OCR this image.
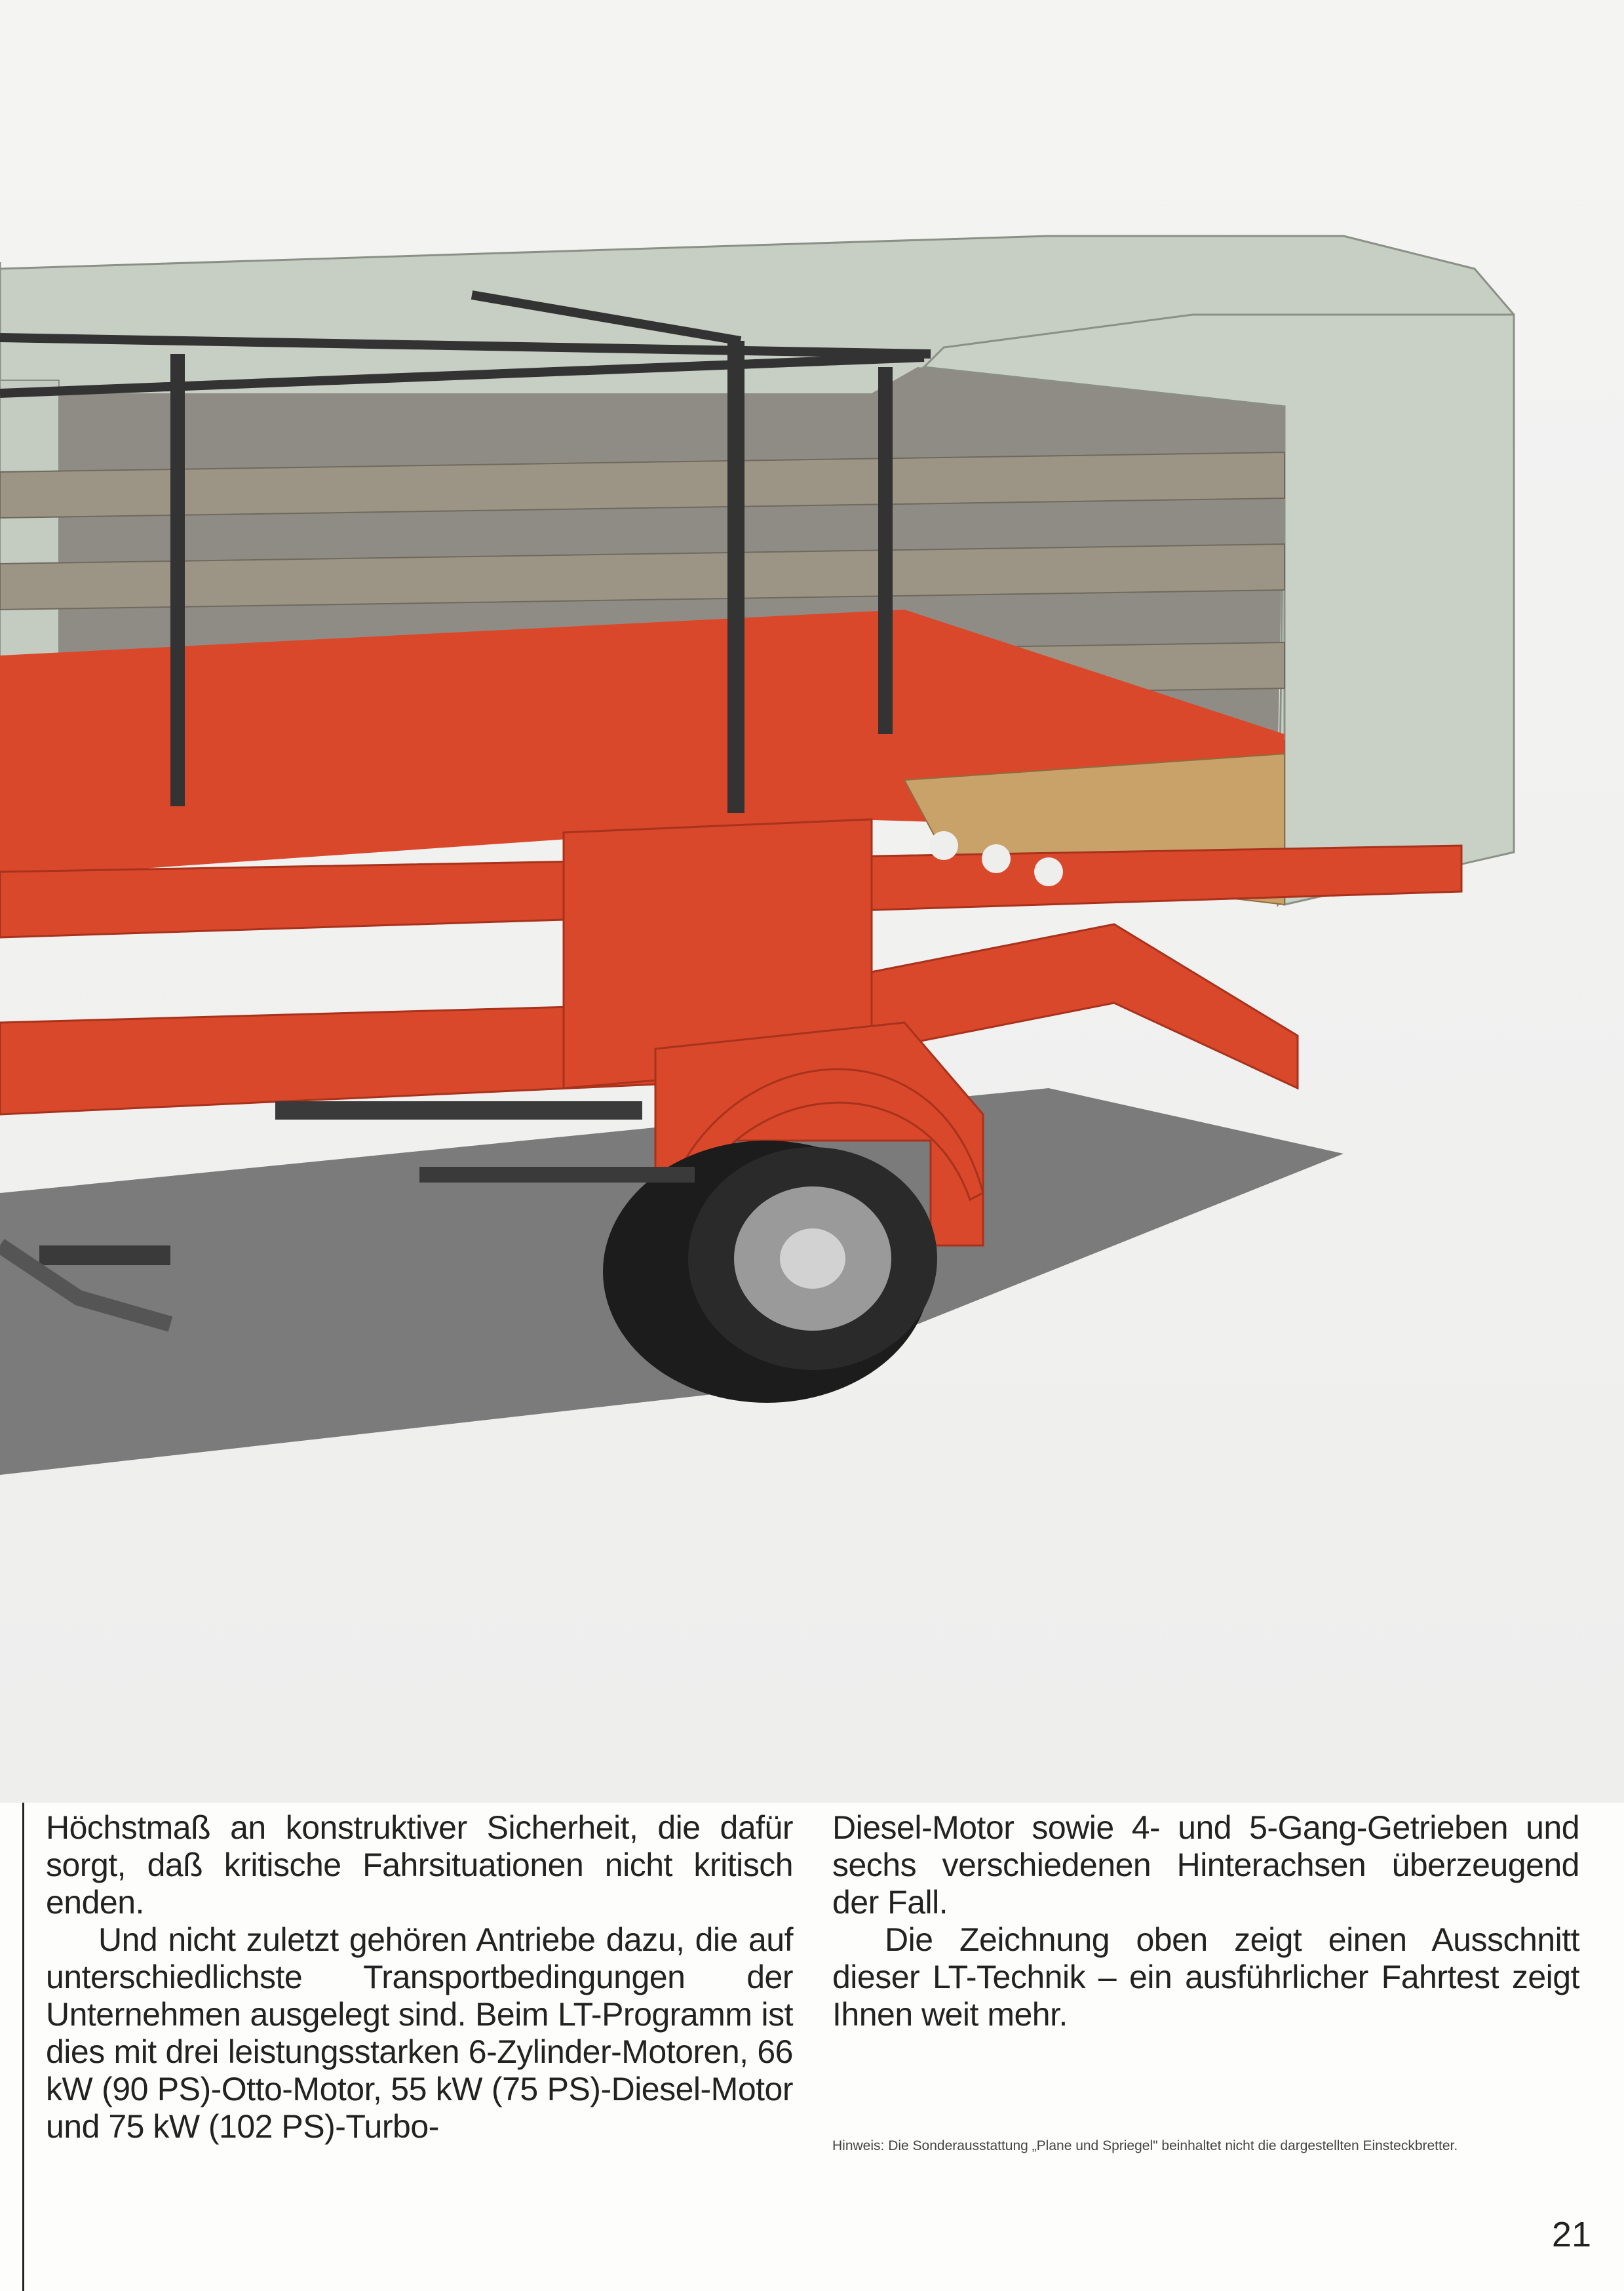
Höchstmaß an konstruktiver Sicherheit, die dafür sorgt, daß kritische Fahrsituationen nicht kritisch enden.

Und nicht zuletzt gehören Antriebe dazu, die auf unterschiedlichste Transportbedingungen der Unternehmen ausgelegt sind. Beim LT-Programm ist dies mit drei leistungsstarken 6-Zylinder-Motoren, 66 kW (90 PS)-Otto-Motor, 55 kW (75 PS)-Diesel-Motor und 75 kW (102 PS)-Turbo-

Diesel-Motor sowie 4- und 5-Gang-Getrieben und sechs verschiedenen Hinterachsen überzeugend der Fall.

Die Zeichnung oben zeigt einen Ausschnitt dieser LT-Technik – ein ausführlicher Fahrtest zeigt Ihnen weit mehr.

Hinweis: Die Sonderausstattung „Plane und Spriegel" beinhaltet nicht die dargestellten Einsteckbretter.
21
